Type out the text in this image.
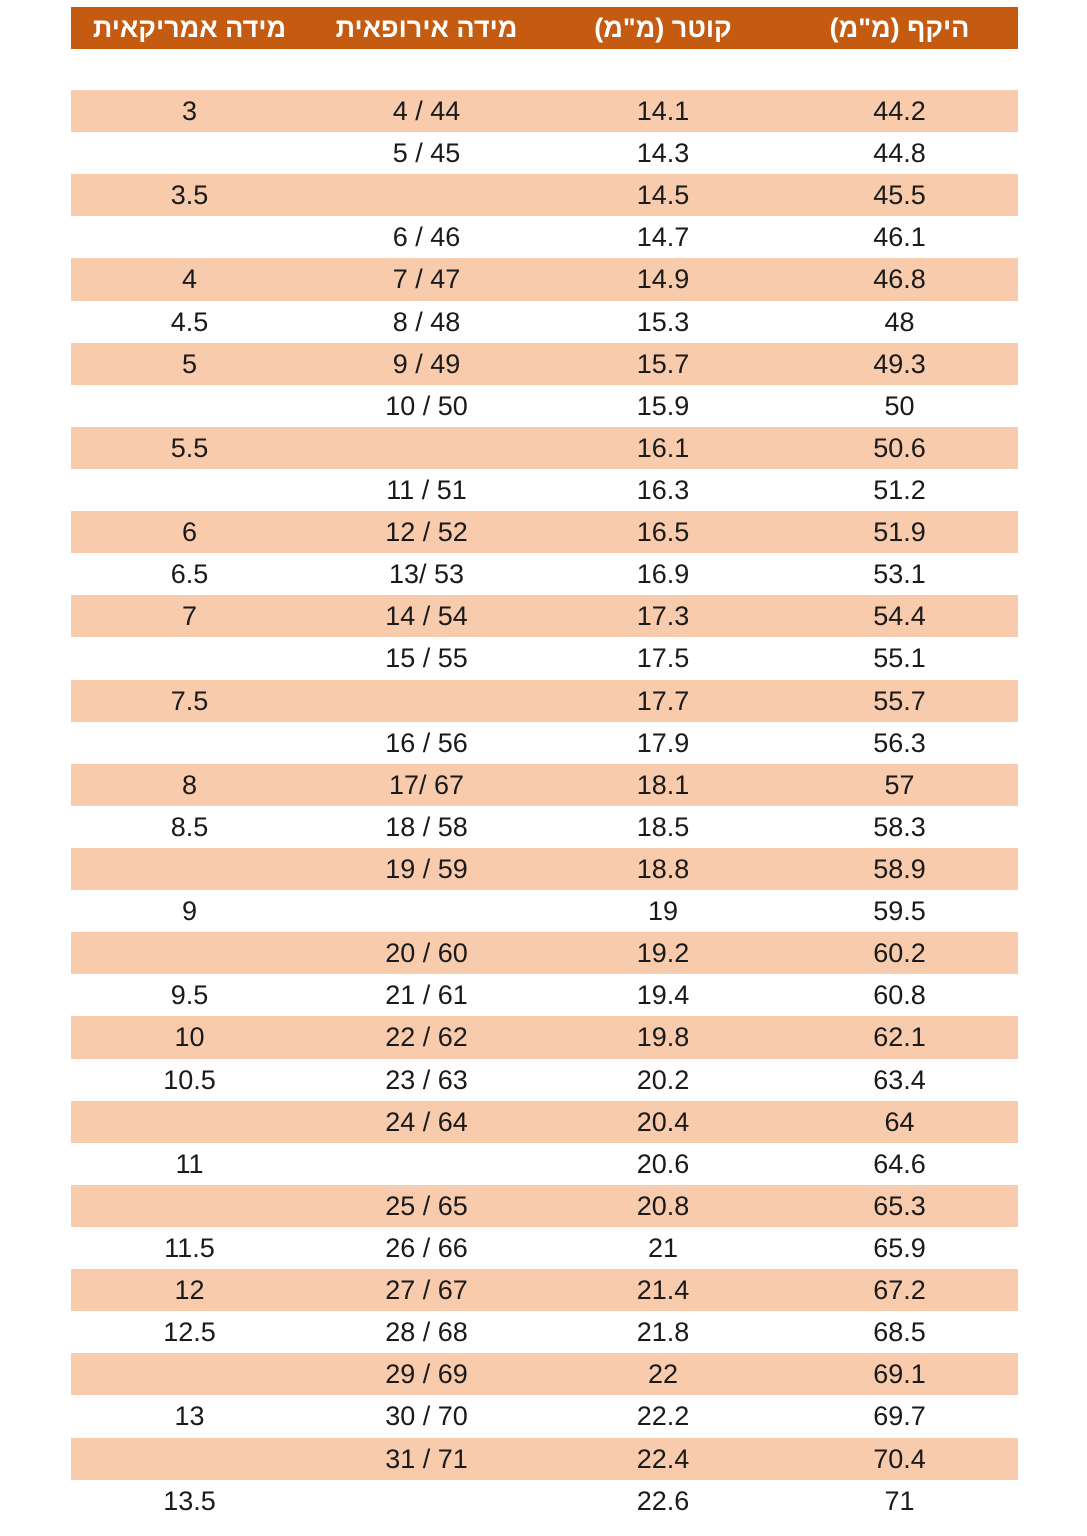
היקף (מ"מ)
קוטר (מ"מ)
מידה אירופאית
מידה אמריקאית
44.2
14.1
4 / 44
3
44.8
14.3
5 / 45
45.5
14.5
3.5
46.1
14.7
6 / 46
46.8
14.9
7 / 47
4
48
15.3
8 / 48
4.5
49.3
15.7
9 / 49
5
50
15.9
10 / 50
50.6
16.1
5.5
51.2
16.3
11 / 51
51.9
16.5
12 / 52
6
53.1
16.9
13/ 53
6.5
54.4
17.3
14 / 54
7
55.1
17.5
15 / 55
55.7
17.7
7.5
56.3
17.9
16 / 56
57
18.1
17/ 67
8
58.3
18.5
18 / 58
8.5
58.9
18.8
19 / 59
59.5
19
9
60.2
19.2
20 / 60
60.8
19.4
21 / 61
9.5
62.1
19.8
22 / 62
10
63.4
20.2
23 / 63
10.5
64
20.4
24 / 64
64.6
20.6
11
65.3
20.8
25 / 65
65.9
21
26 / 66
11.5
67.2
21.4
27 / 67
12
68.5
21.8
28 / 68
12.5
69.1
22
29 / 69
69.7
22.2
30 / 70
13
70.4
22.4
31 / 71
71
22.6
13.5
